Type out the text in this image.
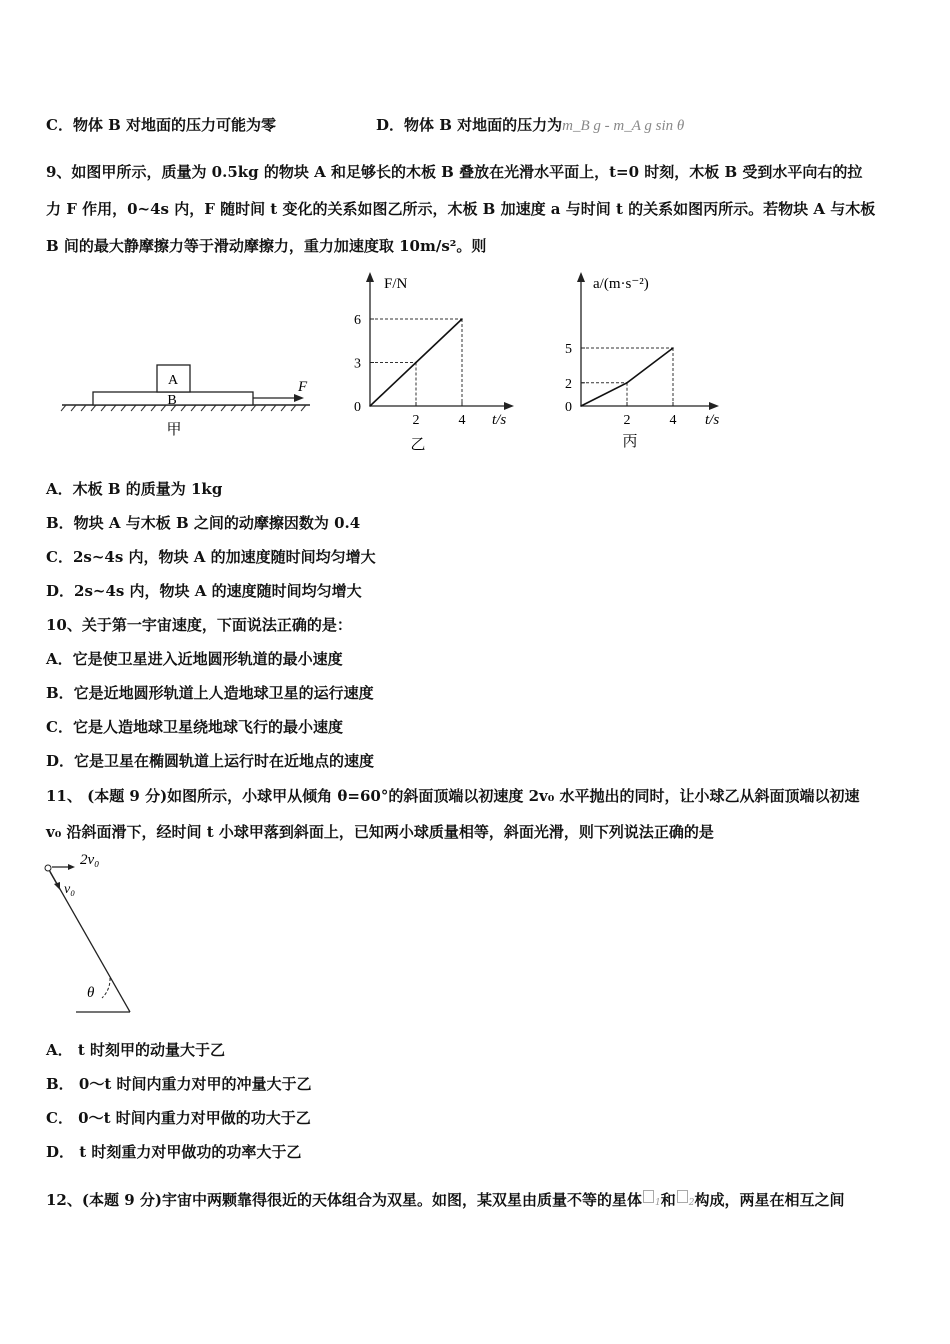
C．物体 B 对地面的压力可能为零	D．物体 B 对地面的压力为m_B g - m_A g sin θ
9、如图甲所示，质量为 0.5kg 的物块 A 和足够长的木板 B 叠放在光滑水平面上，t=0 时刻，木板 B 受到水平向右的拉
力 F 作用，0~4s 内，F 随时间 t 变化的关系如图乙所示，木板 B 加速度 a 与时间 t 的关系如图丙所示。若物块 A 与木板
B 间的最大静摩擦力等于滑动摩擦力，重力加速度取 10m/s²。则
A
B
F
甲
F/N
t/s
0
3
6
2	4
乙
a/(m·s⁻²)
t/s
0
2
5
2	4
丙
A．木板 B 的质量为 1kg
B．物块 A 与木板 B 之间的动摩擦因数为 0.4
C．2s~4s 内，物块 A 的加速度随时间均匀增大
D．2s~4s 内，物块 A 的速度随时间均匀增大
10、关于第一宇宙速度，下面说法正确的是：
A．它是使卫星进入近地圆形轨道的最小速度
B．它是近地圆形轨道上人造地球卫星的运行速度
C．它是人造地球卫星绕地球飞行的最小速度
D．它是卫星在椭圆轨道上运行时在近地点的速度
11、 (本题 9 分)如图所示，小球甲从倾角 θ=60°的斜面顶端以初速度 2v₀ 水平抛出的同时，让小球乙从斜面顶端以初速
v₀ 沿斜面滑下，经时间 t 小球甲落到斜面上，已知两小球质量相等，斜面光滑，则下列说法正确的是
2v₀
v₀
θ
A． t 时刻甲的动量大于乙
B． 0～t 时间内重力对甲的冲量大于乙
C． 0～t 时间内重力对甲做的功大于乙
D． t 时刻重力对甲做功的功率大于乙
12、(本题 9 分)宇宙中两颗靠得很近的天体组合为双星。如图，某双星由质量不等的星体 1和 2构成，两星在相互之间
